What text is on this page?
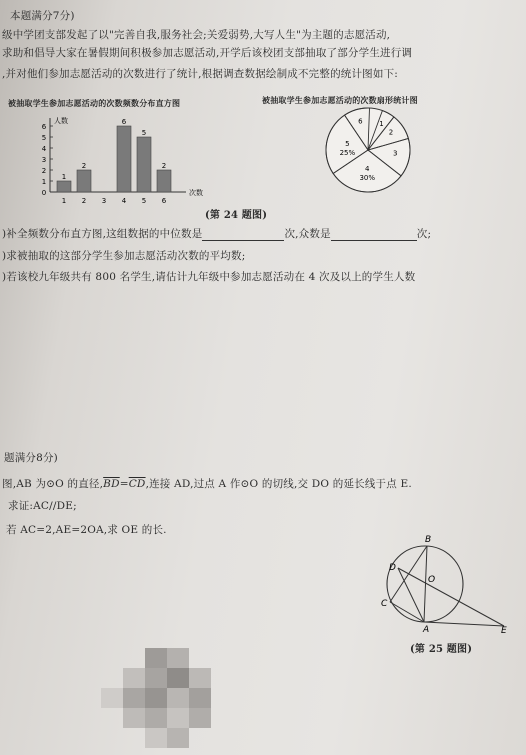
本题满分7分)
级中学团支部发起了以"完善自我,服务社会;关爱弱势,大写人生"为主题的志愿活动,
求助和倡导大家在暑假期间积极参加志愿活动,开学后该校团支部抽取了部分学生进行调
,并对他们参加志愿活动的次数进行了统计,根据调查数据绘制成不完整的统计图如下:
被抽取学生参加志愿活动的次数频数分布直方图	被抽取学生参加志愿活动的次数扇形统计图
人数
次数
1
2
3
4
5
6
0
1
1
2
2 3
6
4
5
5
2
6
1
2
3
4
30%
5
25%
6
(第 24 题图)
)补全频数分布直方图,这组数据的中位数是	次,众数是	次;
)求被抽取的这部分学生参加志愿活动次数的平均数;
)若该校九年级共有 800 名学生,请估计九年级中参加志愿活动在 4 次及以上的学生人数
题满分8分)
图,AB 为⊙O 的直径$,\overline{BD}=\overline{CD}$,连接 AD,过点 A 作⊙O 的切线,交 DO 的延长线于点 E.
求证:AC//DE;
若 AC=2,AE=2OA,求 OE 的长.
B
D
O
C
A	E
(第 25 题图)
